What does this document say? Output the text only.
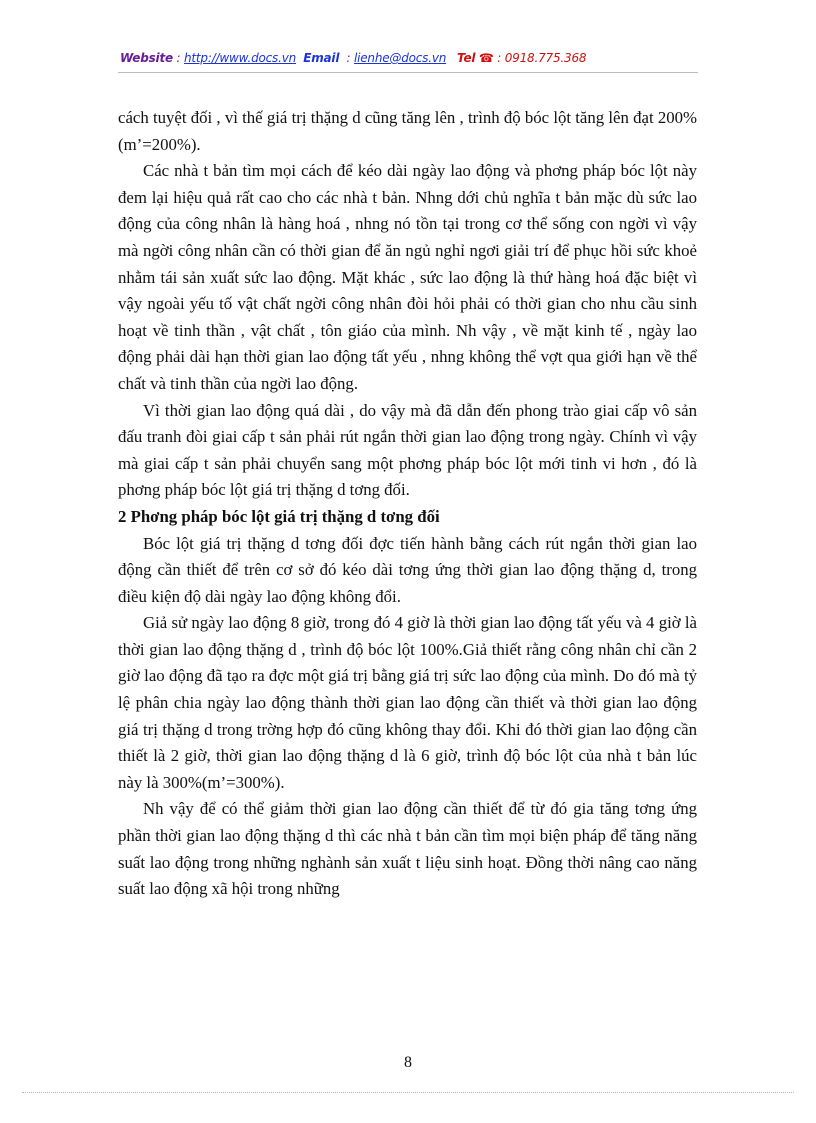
Website : http://www.docs.vn Email  : lienhe@docs.vn Tel ☎ : 0918.775.368

cách tuyệt đối , vì thế giá trị thặng d cũng tăng lên , trình độ bóc lột tăng lên đạt 200%(m’=200%).

Các nhà t bản tìm mọi cách để kéo dài ngày lao động và phơng pháp bóc lột này đem lại hiệu quả rất cao cho các nhà t bản. Nhng dới chủ nghĩa t bản mặc dù sức lao động của công nhân là hàng hoá , nhng nó tồn tại trong cơ thể sống con ngời vì vậy mà ngời công nhân cần có thời gian để ăn ngủ nghỉ ngơi giải trí để phục hồi sức khoẻ nhằm tái sản xuất sức lao động. Mặt khác , sức lao động là thứ hàng hoá đặc biệt vì vậy ngoài yếu tố vật chất ngời công nhân đòi hỏi phải có thời gian cho nhu cầu sinh hoạt về tinh thần , vật chất , tôn giáo của mình. Nh vậy , về mặt kinh tế , ngày lao động phải dài hạn thời gian lao động tất yếu , nhng không thể vợt qua giới hạn về thể chất và tinh thần của ngời lao động.

Vì thời gian lao động quá dài , do vậy mà đã dẫn đến phong trào giai cấp vô sản đấu tranh đòi giai cấp t sản phải rút ngắn thời gian lao động trong ngày. Chính vì vậy mà giai cấp t sản phải chuyển sang một phơng pháp bóc lột mới tinh vi hơn , đó là phơng pháp bóc lột giá trị thặng d tơng đối.

2 Phơng pháp bóc lột giá trị thặng d tơng đối

Bóc lột giá trị thặng d tơng đối đợc tiến hành bằng cách rút ngắn thời gian lao động cần thiết để trên cơ sở đó kéo dài tơng ứng thời gian lao động thặng d, trong điều kiện độ dài ngày lao động không đổi.

Giả sử ngày lao động 8 giờ, trong đó 4 giờ là thời gian lao động tất yếu và 4 giờ là thời gian lao động thặng d , trình độ bóc lột 100%.Giả thiết rằng công nhân chỉ cần 2 giờ lao động đã tạo ra đợc một giá trị bằng giá trị sức lao động của mình. Do đó mà tỷ lệ phân chia ngày lao động thành thời gian lao động cần thiết và thời gian lao động giá trị thặng d trong trờng hợp đó cũng không thay đổi. Khi đó thời gian lao động cần thiết là 2 giờ, thời gian lao động thặng d là 6 giờ, trình độ bóc lột của nhà t bản lúc này là 300%(m’=300%).

Nh vậy để có thể giảm thời gian lao động cần thiết để từ đó gia tăng tơng ứng phần thời gian lao động thặng d thì các nhà t bản cần tìm mọi biện pháp để tăng năng suất lao động trong những nghành sản xuất t liệu sinh hoạt. Đồng thời nâng cao năng suất lao động xã hội trong những

8
